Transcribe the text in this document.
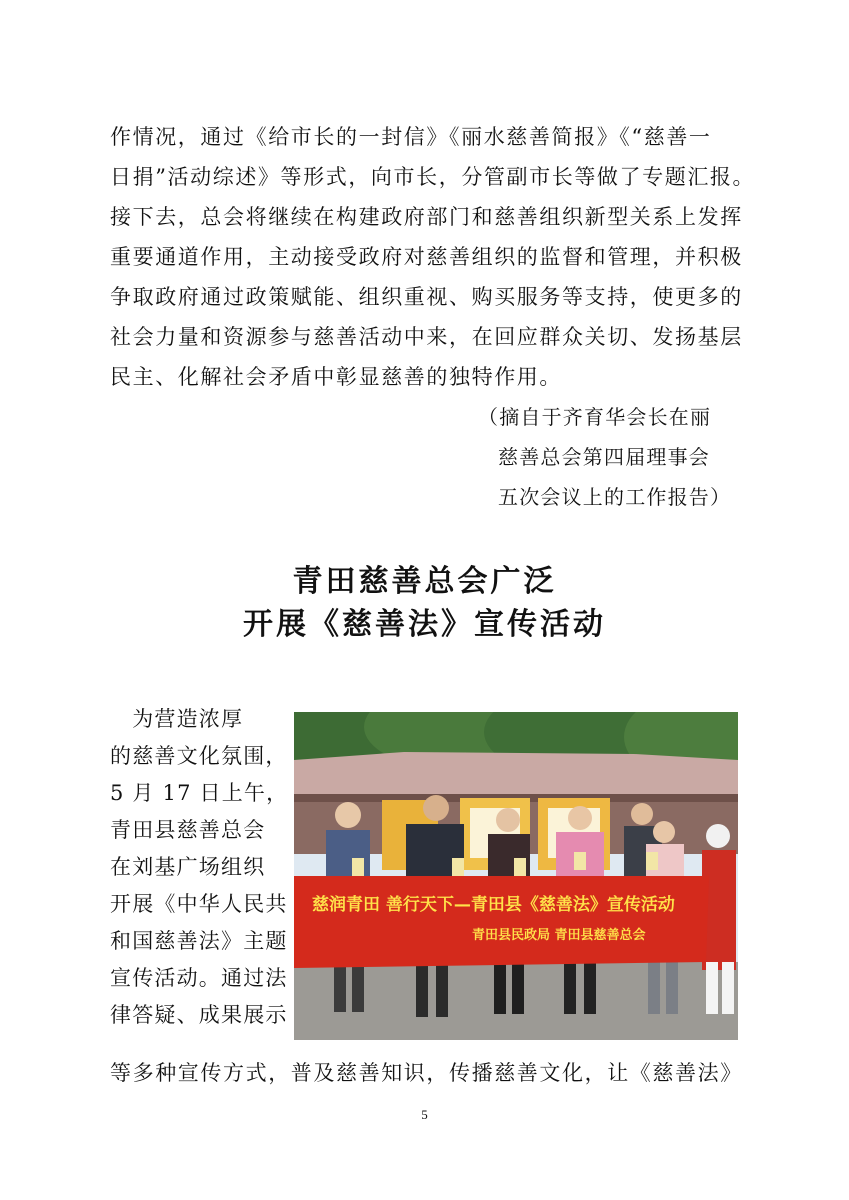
作情况，通过《给市长的一封信》《丽水慈善简报》《“慈善一
日捐”活动综述》等形式，向市长，分管副市长等做了专题汇报。
接下去，总会将继续在构建政府部门和慈善组织新型关系上发挥
重要通道作用，主动接受政府对慈善组织的监督和管理，并积极
争取政府通过政策赋能、组织重视、购买服务等支持，使更多的
社会力量和资源参与慈善活动中来，在回应群众关切、发扬基层
民主、化解社会矛盾中彰显慈善的独特作用。
（摘自于齐育华会长在丽
慈善总会第四届理事会
五次会议上的工作报告）
青田慈善总会广泛
开展《慈善法》宣传活动
　为营造浓厚
的慈善文化氛围，
5 月 17 日上午，
青田县慈善总会
在刘基广场组织
开展《中华人民共
和国慈善法》主题
宣传活动。通过法
律答疑、成果展示
等多种宣传方式，普及慈善知识，传播慈善文化，让《慈善法》
慈润青田 善行天下—青田县《慈善法》宣传活动
青田县民政局 青田县慈善总会
5
